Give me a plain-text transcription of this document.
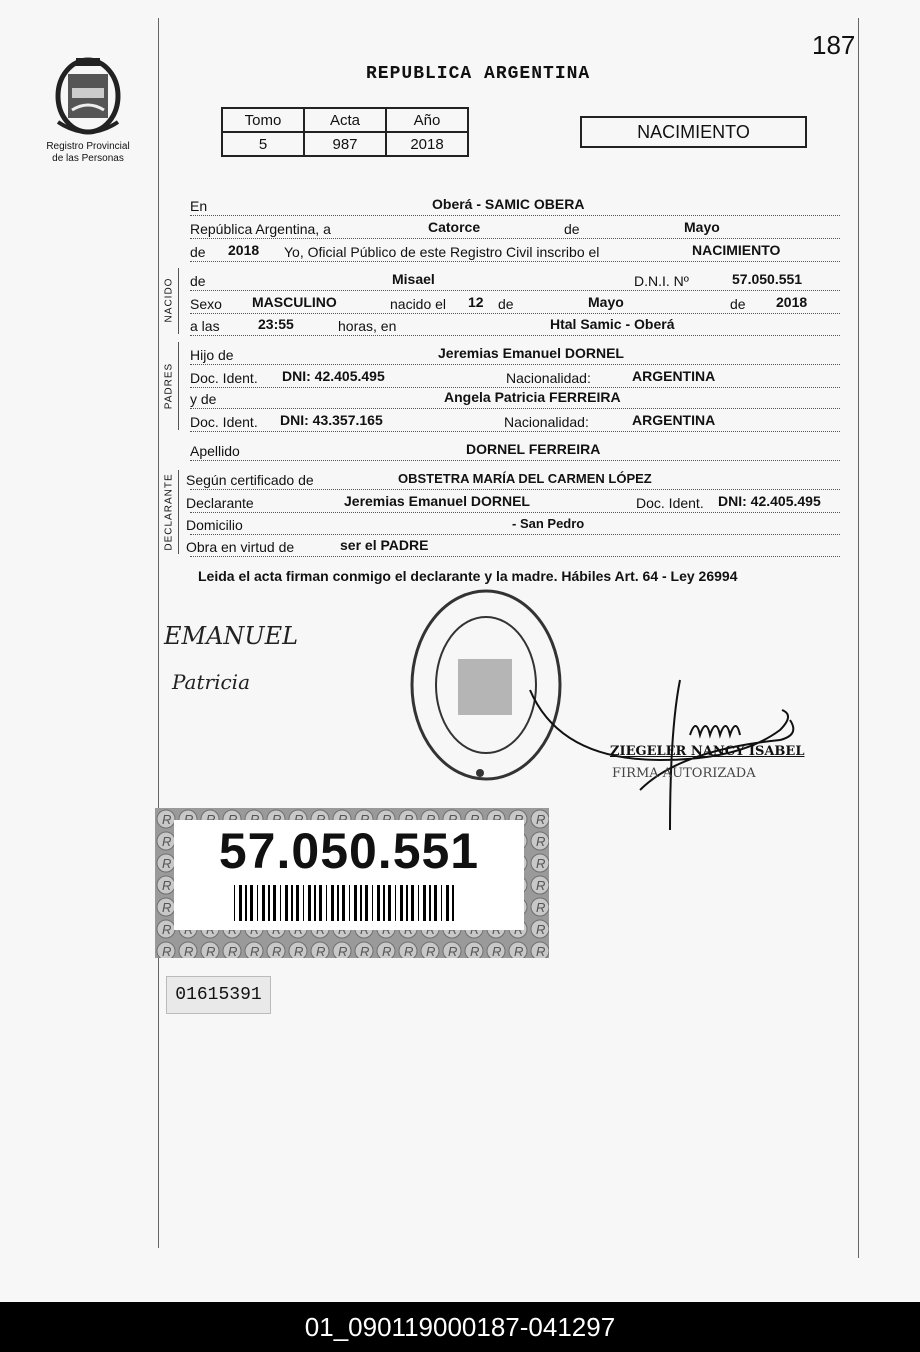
187
REPUBLICA ARGENTINA
Registro Provincial
de las Personas
Tomo	Acta	Año
5	987	2018
NACIMIENTO
En	Oberá - SAMIC OBERA
República Argentina, a	Catorce	de	Mayo
de 2018 Yo, Oficial Público de este Registro Civil inscribo el	NACIMIENTO
NACIDO de	Misael	D.N.I. Nº	57.050.551
Sexo MASCULINO	nacido el 12 de	Mayo	de 2018
a las	23:55	horas, en	Htal Samic - Oberá
PADRES
Hijo de	Jeremias Emanuel DORNEL
Doc. Ident. DNI: 42.405.495	Nacionalidad:	ARGENTINA
y de	Angela Patricia FERREIRA
Doc. Ident. DNI: 43.357.165	Nacionalidad:	ARGENTINA
Apellido	DORNEL FERREIRA
DECLARANTE Según certificado de	OBSTETRA MARÍA DEL CARMEN LÓPEZ
Declarante	Jeremias Emanuel DORNEL	Doc. Ident. DNI: 42.405.495
Domicilio	- San Pedro
Obra en virtud de	ser el PADRE
Leida el acta firman conmigo el declarante y la madre. Hábiles Art. 64 - Ley 26994
EMANUEL
Patricia
ZIEGELER NANCY ISABEL
FIRMA AUTORIZADA
57.050.551
01615391
01_090119000187-041297
